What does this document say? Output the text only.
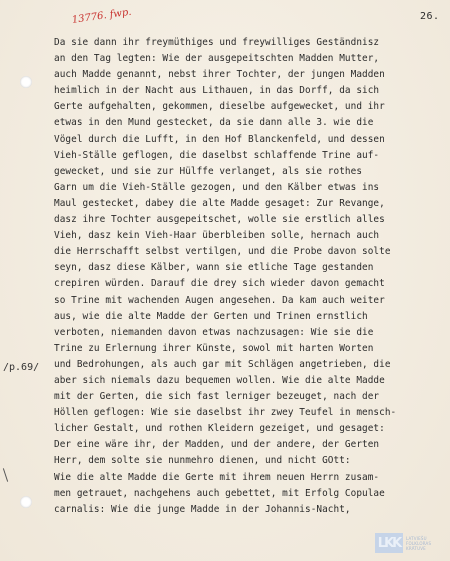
13776. fwp.	26.
Da sie dann ihr freymüthiges und freywilliges Geständnisz
an den Tag legten: Wie der ausgepeitschten Madden Mutter,
auch Madde genannt, nebst ihrer Tochter, der jungen Madden
heimlich in der Nacht aus Lithauen, in das Dorff, da sich
Gerte aufgehalten, gekommen, dieselbe aufgewecket, und ihr
etwas in den Mund gestecket, da sie dann alle 3. wie die
Vögel durch die Lufft, in den Hof Blanckenfeld, und dessen
Vieh-Ställe geflogen, die daselbst schlaffende Trine auf-
gewecket, und sie zur Hülffe verlanget, als sie rothes
Garn um die Vieh-Ställe gezogen, und den Kälber etwas ins
Maul gestecket, dabey die alte Madde gesaget: Zur Revange,
dasz ihre Tochter ausgepeitschet, wolle sie erstlich alles
Vieh, dasz kein Vieh-Haar überbleiben solle, hernach auch
die Herrschafft selbst vertilgen, und die Probe davon solte
seyn, dasz diese Kälber, wann sie etliche Tage gestanden
crepiren würden. Darauf die drey sich wieder davon gemacht
so Trine mit wachenden Augen angesehen. Da kam auch weiter
aus, wie die alte Madde der Gerten und Trinen ernstlich
verboten, niemanden davon etwas nachzusagen: Wie sie die
Trine zu Erlernung ihrer Künste, sowol mit harten Worten
und Bedrohungen, als auch gar mit Schlägen angetrieben, die
aber sich niemals dazu bequemen wollen. Wie die alte Madde
mit der Gerten, die sich fast lerniger bezeuget, nach der
Höllen geflogen: Wie sie daselbst ihr zwey Teufel in mensch-
licher Gestalt, und rothen Kleidern gezeiget, und gesaget:
Der eine wäre ihr, der Madden, und der andere, der Gerten
Herr, dem solte sie nunmehro dienen, und nicht GOtt:
Wie die alte Madde die Gerte mit ihrem neuen Herrn zusam-
men getrauet, nachgehens auch gebettet, mit Erfolg Copulae
carnalis: Wie die junge Madde in der Johannis-Nacht,
/p.69/
LKK	LATVIEŠU
FOLKLORAS
KRĀTUVE
